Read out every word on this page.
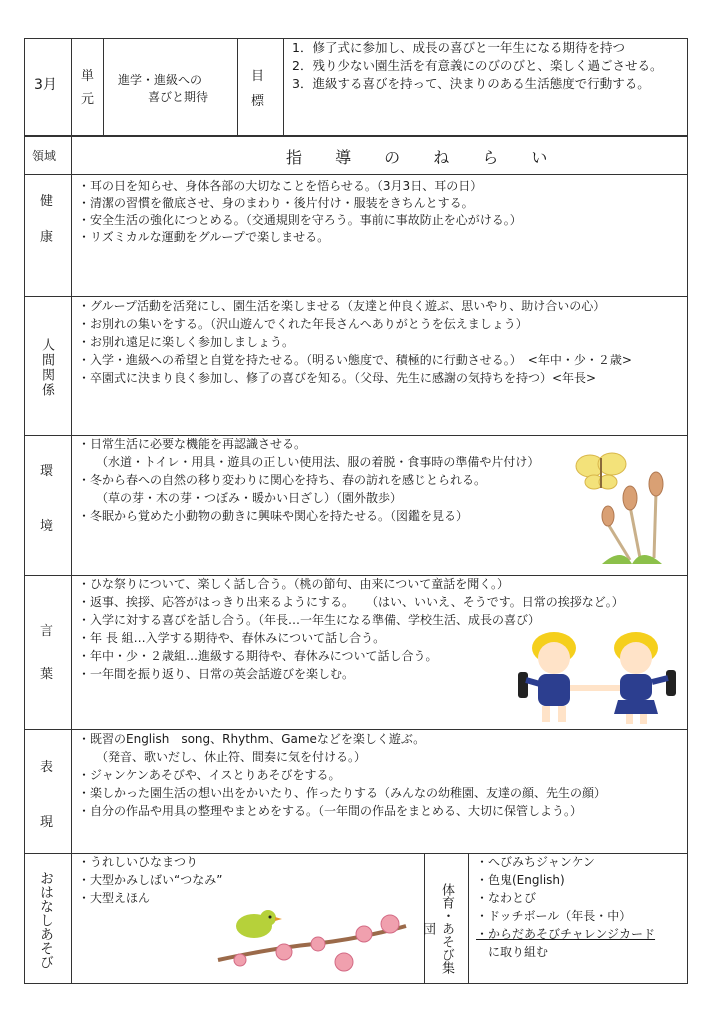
3月
単
元
進学・進級への
喜びと期待
目
標
1．修了式に参加し、成長の喜びと一年生になる期待を持つ
2．残り少ない園生活を有意義にのびのびと、楽しく過ごさせる。
3．進級する喜びを持って、決まりのある生活態度で行動する。
領域	指 導 の ね ら い
健
康
・耳の日を知らせ、身体各部の大切なことを悟らせる。（3月3日、耳の日）
・清潔の習慣を徹底させ、身のまわり・後片付け・服装をきちんとする。
・安全生活の強化につとめる。（交通規則を守ろう。事前に事故防止を心がける。）
・リズミカルな運動をグループで楽しませる。
人間関係
・グループ活動を活発にし、園生活を楽しませる（友達と仲良く遊ぶ、思いやり、助け合いの心）
・お別れの集いをする。（沢山遊んでくれた年長さんへありがとうを伝えましょう）
・お別れ遠足に楽しく参加しましょう。
・入学・進級への希望と自覚を持たせる。（明るい態度で、積極的に行動させる。）　<年中・少・２歳>
・卒園式に決まり良く参加し、修了の喜びを知る。（父母、先生に感謝の気持ちを持つ）<年長>
環
境
・日常生活に必要な機能を再認識させる。
　　（水道・トイレ・用具・遊具の正しい使用法、服の着脱・食事時の準備や片付け）
・冬から春への自然の移り変わりに関心を持ち、春の訪れを感じとられる。
　　（草の芽・木の芽・つぼみ・暖かい日ざし）（園外散歩）
・冬眠から覚めた小動物の動きに興味や関心を持たせる。（図鑑を見る）
言
葉
・ひな祭りについて、楽しく話し合う。（桃の節句、由来について童話を聞く。）
・返事、挨拶、応答がはっきり出来るようにする。　　（はい、いいえ、そうです。日常の挨拶など。）
・入学に対する喜びを話し合う。（年長…一年生になる準備、学校生活、成長の喜び）
・年 長 組…入学する期待や、春休みについて話し合う。
・年中・少・２歳組…進級する期待や、春休みについて話し合う。
・一年間を振り返り、日常の英会話遊びを楽しむ。
表
現
・既習のEnglish　song、Rhythm、Gameなどを楽しく遊ぶ。
　　（発音、歌いだし、休止符、間奏に気を付ける。）
・ジャンケンあそびや、イスとりあそびをする。
・楽しかった園生活の想い出をかいたり、作ったりする（みんなの幼稚園、友達の顔、先生の顔）
・自分の作品や用具の整理やまとめをする。（一年間の作品をまとめる、大切に保管しよう。）
おはなしあそび
・うれしいひなまつり
・大型かみしばい“つなみ”
・大型えほん	体育・あそび集団
・へびみちジャンケン
・色鬼(English)
・なわとび
・ドッチボール（年長・中）
・からだあそびチャレンジカード
に取り組む
